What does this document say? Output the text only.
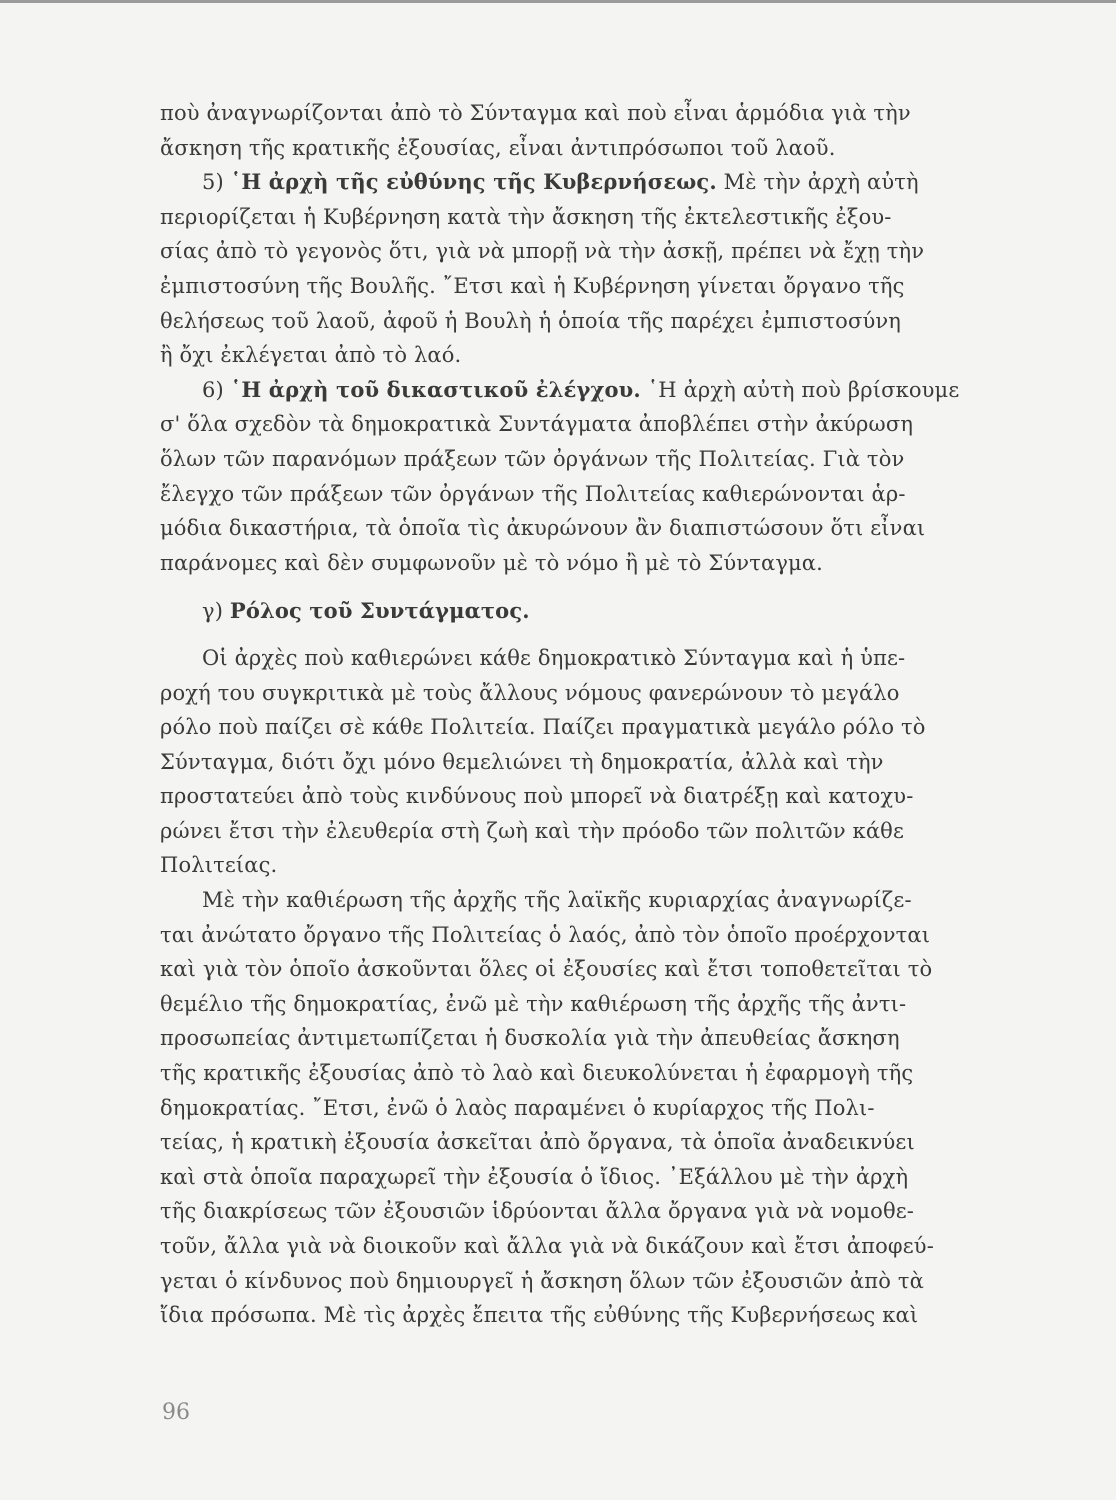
ποὺ ἀναγνωρίζονται ἀπὸ τὸ Σύνταγμα καὶ ποὺ εἶναι ἁρμόδια γιὰ τὴν
ἄσκηση τῆς κρατικῆς ἐξουσίας, εἶναι ἀντιπρόσωποι τοῦ λαοῦ.
5) ῾Η ἀρχὴ τῆς εὐθύνης τῆς Κυβερνήσεως. Μὲ τὴν ἀρχὴ αὐτὴ
περιορίζεται ἡ Κυβέρνηση κατὰ τὴν ἄσκηση τῆς ἐκτελεστικῆς ἐξου-
σίας ἀπὸ τὸ γεγονὸς ὅτι, γιὰ νὰ μπορῇ νὰ τὴν ἀσκῇ, πρέπει νὰ ἔχῃ τὴν
ἐμπιστοσύνη τῆς Βουλῆς. ῎Ετσι καὶ ἡ Κυβέρνηση γίνεται ὄργανο τῆς
θελήσεως τοῦ λαοῦ, ἀφοῦ ἡ Βουλὴ ἡ ὁποία τῆς παρέχει ἐμπιστοσύνη
ἢ ὄχι ἐκλέγεται ἀπὸ τὸ λαό.
6) ῾Η ἀρχὴ τοῦ δικαστικοῦ ἐλέγχου. ῾Η ἀρχὴ αὐτὴ ποὺ βρίσκουμε
σ' ὅλα σχεδὸν τὰ δημοκρατικὰ Συντάγματα ἀποβλέπει στὴν ἀκύρωση
ὅλων τῶν παρανόμων πράξεων τῶν ὀργάνων τῆς Πολιτείας. Γιὰ τὸν
ἔλεγχο τῶν πράξεων τῶν ὀργάνων τῆς Πολιτείας καθιερώνονται ἁρ-
μόδια δικαστήρια, τὰ ὁποῖα τὶς ἀκυρώνουν ἂν διαπιστώσουν ὅτι εἶναι
παράνομες καὶ δὲν συμφωνοῦν μὲ τὸ νόμο ἢ μὲ τὸ Σύνταγμα.
γ) Ρόλος τοῦ Συντάγματος.
Οἱ ἀρχὲς ποὺ καθιερώνει κάθε δημοκρατικὸ Σύνταγμα καὶ ἡ ὑπε-
ροχή του συγκριτικὰ μὲ τοὺς ἄλλους νόμους φανερώνουν τὸ μεγάλο
ρόλο ποὺ παίζει σὲ κάθε Πολιτεία. Παίζει πραγματικὰ μεγάλο ρόλο τὸ
Σύνταγμα, διότι ὄχι μόνο θεμελιώνει τὴ δημοκρατία, ἀλλὰ καὶ τὴν
προστατεύει ἀπὸ τοὺς κινδύνους ποὺ μπορεῖ νὰ διατρέξῃ καὶ κατοχυ-
ρώνει ἔτσι τὴν ἐλευθερία στὴ ζωὴ καὶ τὴν πρόοδο τῶν πολιτῶν κάθε
Πολιτείας.
Μὲ τὴν καθιέρωση τῆς ἀρχῆς τῆς λαϊκῆς κυριαρχίας ἀναγνωρίζε-
ται ἀνώτατο ὄργανο τῆς Πολιτείας ὁ λαός, ἀπὸ τὸν ὁποῖο προέρχονται
καὶ γιὰ τὸν ὁποῖο ἀσκοῦνται ὅλες οἱ ἐξουσίες καὶ ἔτσι τοποθετεῖται τὸ
θεμέλιο τῆς δημοκρατίας, ἐνῶ μὲ τὴν καθιέρωση τῆς ἀρχῆς τῆς ἀντι-
προσωπείας ἀντιμετωπίζεται ἡ δυσκολία γιὰ τὴν ἀπευθείας ἄσκηση
τῆς κρατικῆς ἐξουσίας ἀπὸ τὸ λαὸ καὶ διευκολύνεται ἡ ἐφαρμογὴ τῆς
δημοκρατίας. ῎Ετσι, ἐνῶ ὁ λαὸς παραμένει ὁ κυρίαρχος τῆς Πολι-
τείας, ἡ κρατικὴ ἐξουσία ἀσκεῖται ἀπὸ ὄργανα, τὰ ὁποῖα ἀναδεικνύει
καὶ στὰ ὁποῖα παραχωρεῖ τὴν ἐξουσία ὁ ἴδιος. ᾿Εξάλλου μὲ τὴν ἀρχὴ
τῆς διακρίσεως τῶν ἐξουσιῶν ἱδρύονται ἄλλα ὄργανα γιὰ νὰ νομοθε-
τοῦν, ἄλλα γιὰ νὰ διοικοῦν καὶ ἄλλα γιὰ νὰ δικάζουν καὶ ἔτσι ἀποφεύ-
γεται ὁ κίνδυνος ποὺ δημιουργεῖ ἡ ἄσκηση ὅλων τῶν ἐξουσιῶν ἀπὸ τὰ
ἴδια πρόσωπα. Μὲ τὶς ἀρχὲς ἔπειτα τῆς εὐθύνης τῆς Κυβερνήσεως καὶ
96
